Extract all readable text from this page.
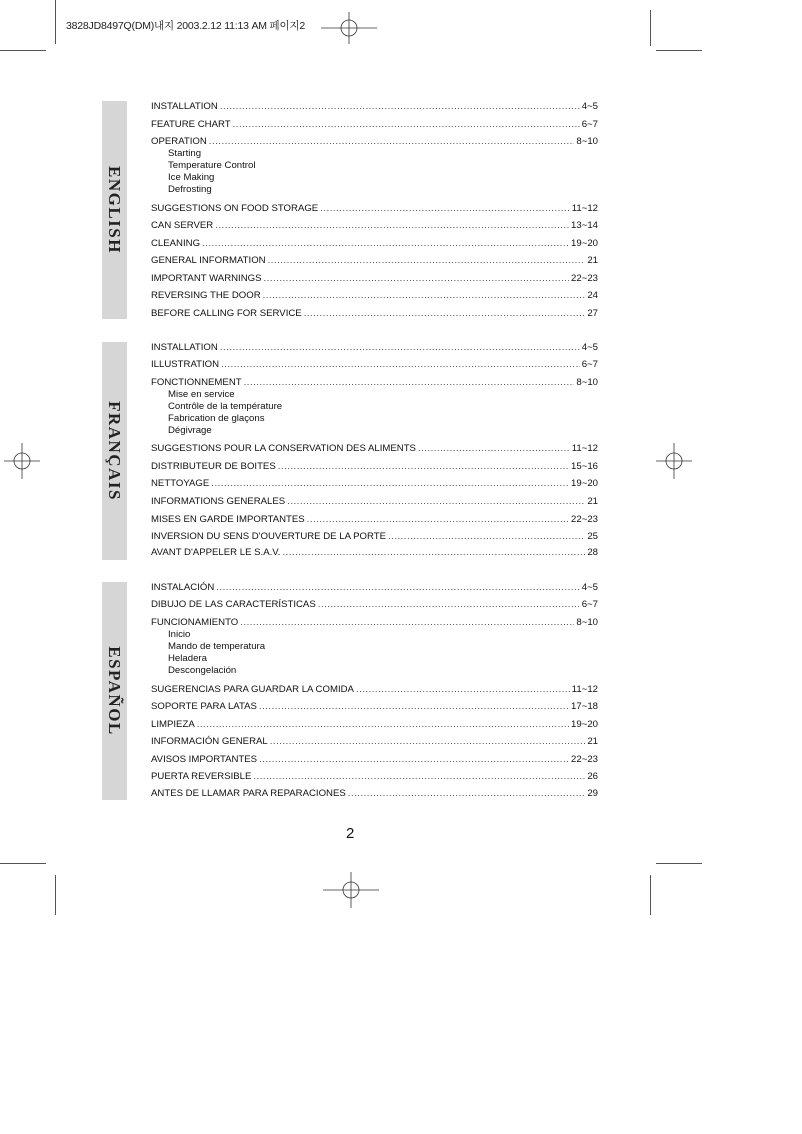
3828JD8497Q(DM)내지 2003.2.12 11:13 AM 페이지2
ENGLISH
INSTALLATION .....	4~5
FEATURE CHART .....	6~7
OPERATION .....	8~10
Starting
Temperature Control
Ice Making
Defrosting
SUGGESTIONS ON FOOD STORAGE .....	11~12
CAN SERVER .....	13~14
CLEANING .....	19~20
GENERAL INFORMATION .....	21
IMPORTANT WARNINGS .....	22~23
REVERSING THE DOOR .....	24
BEFORE CALLING FOR SERVICE .....	27
FRANÇAIS
INSTALLATION .....	4~5
ILLUSTRATION .....	6~7
FONCTIONNEMENT .....	8~10
Mise en service
Contrôle de la température
Fabrication de glaçons
Dégivrage
SUGGESTIONS POUR LA CONSERVATION DES ALIMENTS .....	11~12
DISTRIBUTEUR DE BOITES .....	15~16
NETTOYAGE .....	19~20
INFORMATIONS GENERALES .....	21
MISES EN GARDE IMPORTANTES .....	22~23
INVERSION DU SENS D'OUVERTURE DE LA PORTE .....	25
AVANT D'APPELER LE S.A.V. .....	28
ESPAÑOL
INSTALACIÓN .....	4~5
DIBUJO DE LAS CARACTERÍSTICAS .....	6~7
FUNCIONAMIENTO .....	8~10
Inicio
Mando de temperatura
Heladera
Descongelación
SUGERENCIAS PARA GUARDAR LA COMIDA .....	11~12
SOPORTE PARA LATAS .....	17~18
LIMPIEZA .....	19~20
INFORMACIÓN GENERAL .....	21
AVISOS IMPORTANTES .....	22~23
PUERTA REVERSIBLE .....	26
ANTES DE LLAMAR PARA REPARACIONES .....	29
2
